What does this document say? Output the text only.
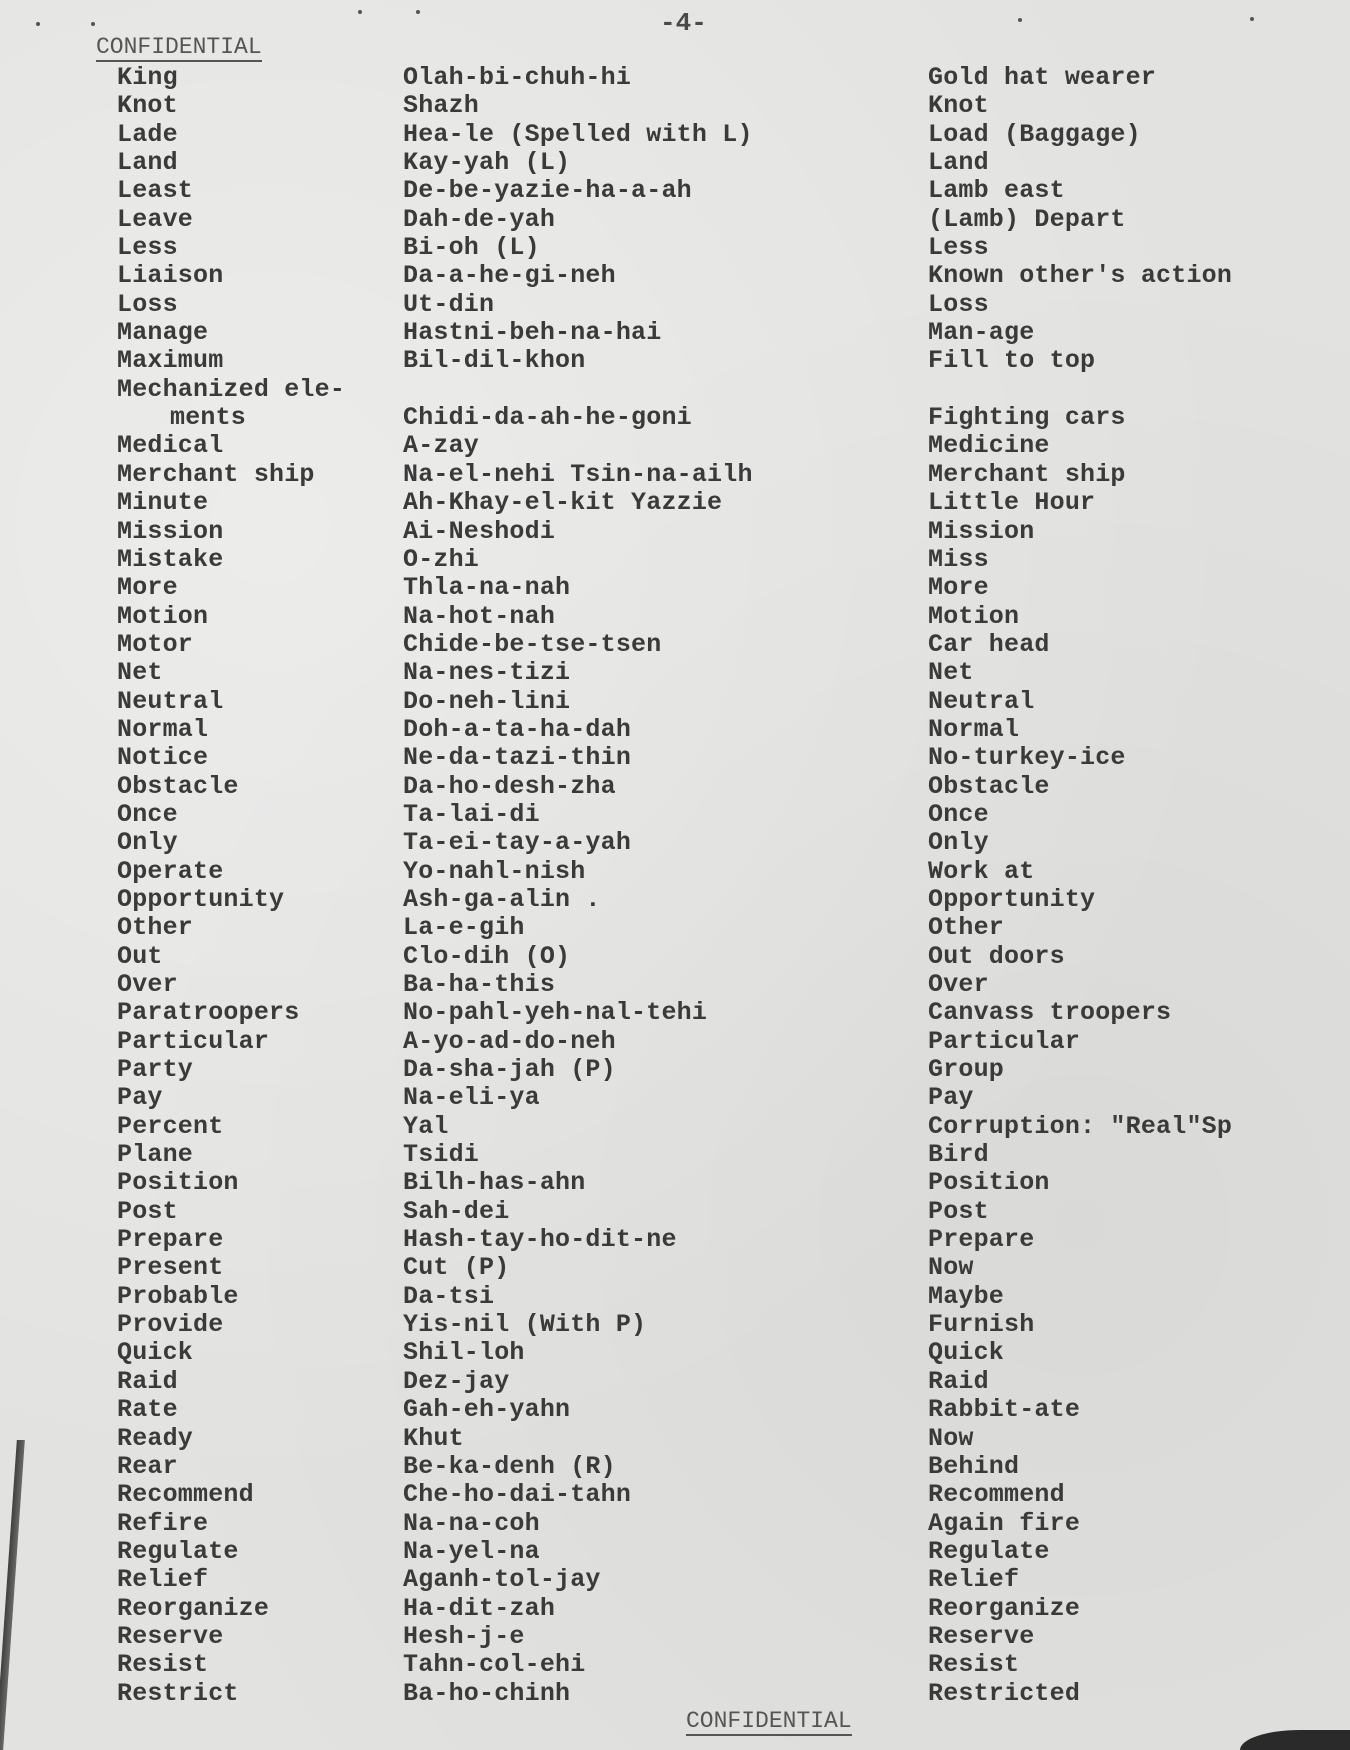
-4-
CONFIDENTIAL
King	Olah-bi-chuh-hi	Gold hat wearer
Knot	Shazh	Knot
Lade	Hea-le (Spelled with L)	Load (Baggage)
Land	Kay-yah (L)	Land
Least	De-be-yazie-ha-a-ah	Lamb east
Leave	Dah-de-yah	(Lamb) Depart
Less	Bi-oh (L)	Less
Liaison	Da-a-he-gi-neh	Known other's action
Loss	Ut-din	Loss
Manage	Hastni-beh-na-hai	Man-age
Maximum	Bil-dil-khon	Fill to top
Mechanized ele-
ments	Chidi-da-ah-he-goni	Fighting cars
Medical	A-zay	Medicine
Merchant ship	Na-el-nehi Tsin-na-ailh	Merchant ship
Minute	Ah-Khay-el-kit Yazzie	Little Hour
Mission	Ai-Neshodi	Mission
Mistake	O-zhi	Miss
More	Thla-na-nah	More
Motion	Na-hot-nah	Motion
Motor	Chide-be-tse-tsen	Car head
Net	Na-nes-tizi	Net
Neutral	Do-neh-lini	Neutral
Normal	Doh-a-ta-ha-dah	Normal
Notice	Ne-da-tazi-thin	No-turkey-ice
Obstacle	Da-ho-desh-zha	Obstacle
Once	Ta-lai-di	Once
Only	Ta-ei-tay-a-yah	Only
Operate	Yo-nahl-nish	Work at
Opportunity	Ash-ga-alin .	Opportunity
Other	La-e-gih	Other
Out	Clo-dih (O)	Out doors
Over	Ba-ha-this	Over
Paratroopers	No-pahl-yeh-nal-tehi	Canvass troopers
Particular	A-yo-ad-do-neh	Particular
Party	Da-sha-jah (P)	Group
Pay	Na-eli-ya	Pay
Percent	Yal	Corruption: "Real"Sp
Plane	Tsidi	Bird
Position	Bilh-has-ahn	Position
Post	Sah-dei	Post
Prepare	Hash-tay-ho-dit-ne	Prepare
Present	Cut (P)	Now
Probable	Da-tsi	Maybe
Provide	Yis-nil (With P)	Furnish
Quick	Shil-loh	Quick
Raid	Dez-jay	Raid
Rate	Gah-eh-yahn	Rabbit-ate
Ready	Khut	Now
Rear	Be-ka-denh (R)	Behind
Recommend	Che-ho-dai-tahn	Recommend
Refire	Na-na-coh	Again fire
Regulate	Na-yel-na	Regulate
Relief	Aganh-tol-jay	Relief
Reorganize	Ha-dit-zah	Reorganize
Reserve	Hesh-j-e	Reserve
Resist	Tahn-col-ehi	Resist
Restrict	Ba-ho-chinh	Restricted
CONFIDENTIAL
